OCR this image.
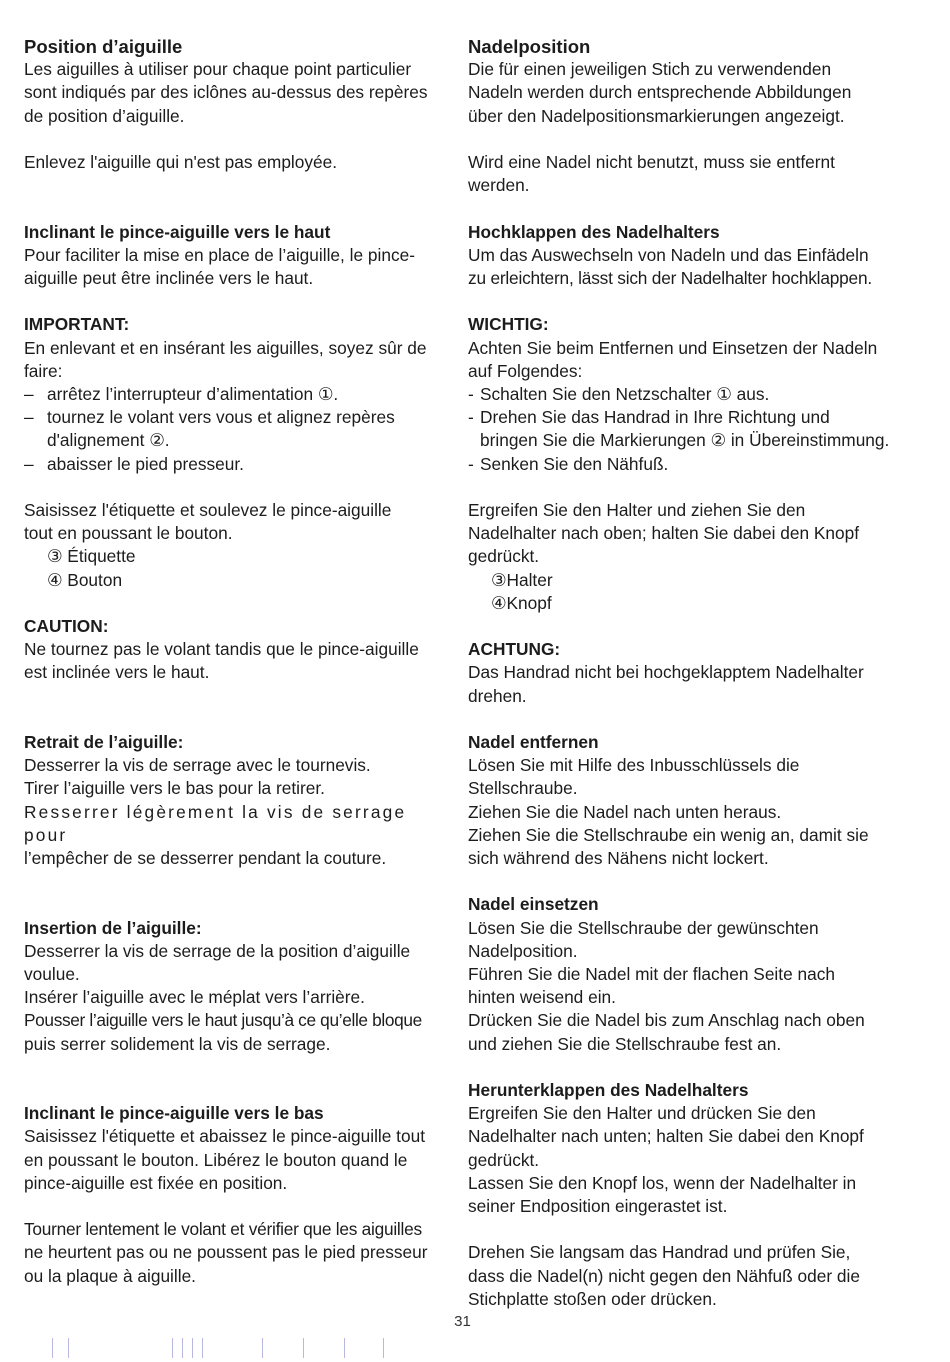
Position d’aiguille

Les aiguilles à utiliser pour chaque point particulier

sont indiqués par des iclônes au-dessus des repères

de position d’aiguille.

Enlevez l'aiguille qui n'est pas employée.

Inclinant le pince-aiguille vers le haut

Pour faciliter la mise en place de l’aiguille, le pince-

aiguille peut être inclinée vers le haut.

IMPORTANT:

En enlevant et en insérant les aiguilles, soyez sûr de

faire:

– arrêtez l’interrupteur d’alimentation ①.

– tournez le volant vers vous et alignez repères

d'alignement ②.

– abaisser le pied presseur.

Saisissez l'étiquette et soulevez le pince-aiguille

tout en poussant le bouton.

③ Étiquette

④ Bouton

CAUTION:

Ne tournez pas le volant tandis que le pince-aiguille

est inclinée vers le haut.

Retrait de l’aiguille:

Desserrer la vis de serrage avec le tournevis.

Tirer l’aiguille vers le bas pour la retirer.

Resserrer légèrement la vis de serrage pour

l’empêcher de se desserrer pendant la couture.

Insertion de l’aiguille:

Desserrer la vis de serrage de la position d’aiguille

voulue.

Insérer l’aiguille avec le méplat vers l’arrière.

Pousser l’aiguille vers le haut jusqu’à ce qu’elle bloque

puis serrer solidement la vis de serrage.

Inclinant le pince-aiguille vers le bas

Saisissez l'étiquette et abaissez le pince-aiguille tout

en poussant le bouton. Libérez le bouton quand le

pince-aiguille est fixée en position.

Tourner lentement le volant et vérifier que les aiguilles

ne heurtent pas ou ne poussent pas le pied presseur

ou la plaque à aiguille.

Nadelposition

Die für einen jeweiligen Stich zu verwendenden

Nadeln werden durch entsprechende Abbildungen

über den Nadelpositionsmarkierungen angezeigt.

Wird eine Nadel nicht benutzt, muss sie entfernt

werden.

Hochklappen des Nadelhalters

Um das Auswechseln von Nadeln und das Einfädeln

zu erleichtern, lässt sich der Nadelhalter hochklappen.

WICHTIG:

Achten Sie beim Entfernen und Einsetzen der Nadeln

auf Folgendes:

- Schalten Sie den Netzschalter ① aus.

- Drehen Sie das Handrad in Ihre Richtung und

bringen Sie die Markierungen ② in Übereinstimmung.

- Senken Sie den Nähfuß.

Ergreifen Sie den Halter und ziehen Sie den

Nadelhalter nach oben; halten Sie dabei den Knopf

gedrückt.

③Halter

④Knopf

ACHTUNG:

Das Handrad nicht bei hochgeklapptem Nadelhalter

drehen.

Nadel entfernen

Lösen Sie mit Hilfe des Inbusschlüssels die

Stellschraube.

Ziehen Sie die Nadel nach unten heraus.

Ziehen Sie die Stellschraube ein wenig an, damit sie

sich während des Nähens nicht lockert.

Nadel einsetzen

Lösen Sie die Stellschraube der gewünschten

Nadelposition.

Führen Sie die Nadel mit der flachen Seite nach

hinten weisend ein.

Drücken Sie die Nadel bis zum Anschlag nach oben

und ziehen Sie die Stellschraube fest an.

Herunterklappen des Nadelhalters

Ergreifen Sie den Halter und drücken Sie den

Nadelhalter nach unten; halten Sie dabei den Knopf

gedrückt.

Lassen Sie den Knopf los, wenn der Nadelhalter in

seiner Endposition eingerastet ist.

Drehen Sie langsam das Handrad und prüfen Sie,

dass die Nadel(n) nicht gegen den Nähfuß oder die

Stichplatte stoßen oder drücken.

31
